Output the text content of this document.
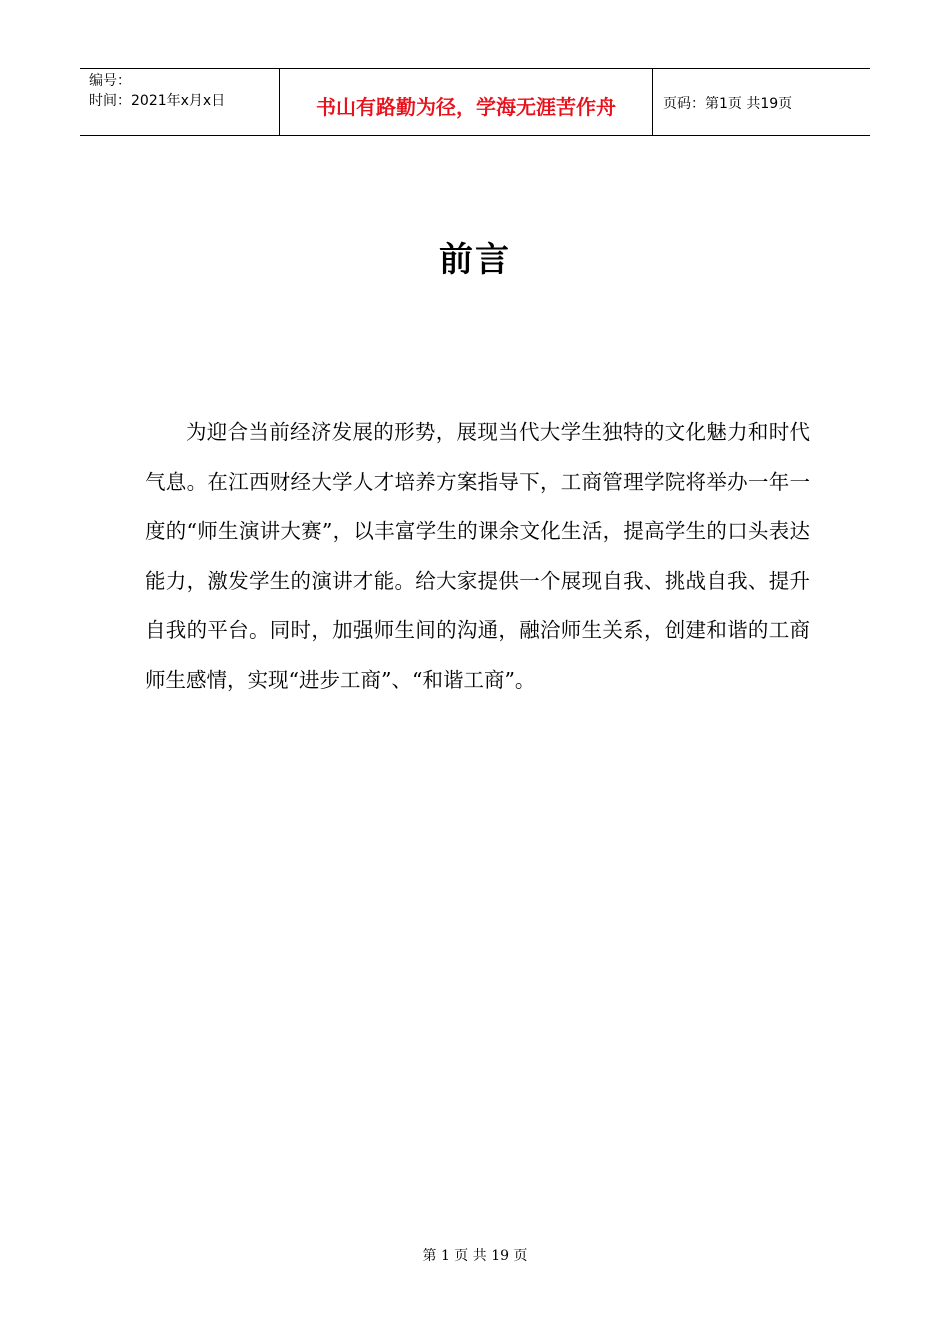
编号：
时间：2021年x月x日	书山有路勤为径，学海无涯苦作舟	页码：第1页 共19页
前言

为迎合当前经济发展的形势，展现当代大学生独特的文化魅力和时代气息。在江西财经大学人才培养方案指导下，工商管理学院将举办一年一度的“师生演讲大赛”，以丰富学生的课余文化生活，提高学生的口头表达能力，激发学生的演讲才能。给大家提供一个展现自我、挑战自我、提升自我的平台。同时，加强师生间的沟通，融洽师生关系，创建和谐的工商师生感情，实现“进步工商”、“和谐工商”。

第 1 页 共 19 页
